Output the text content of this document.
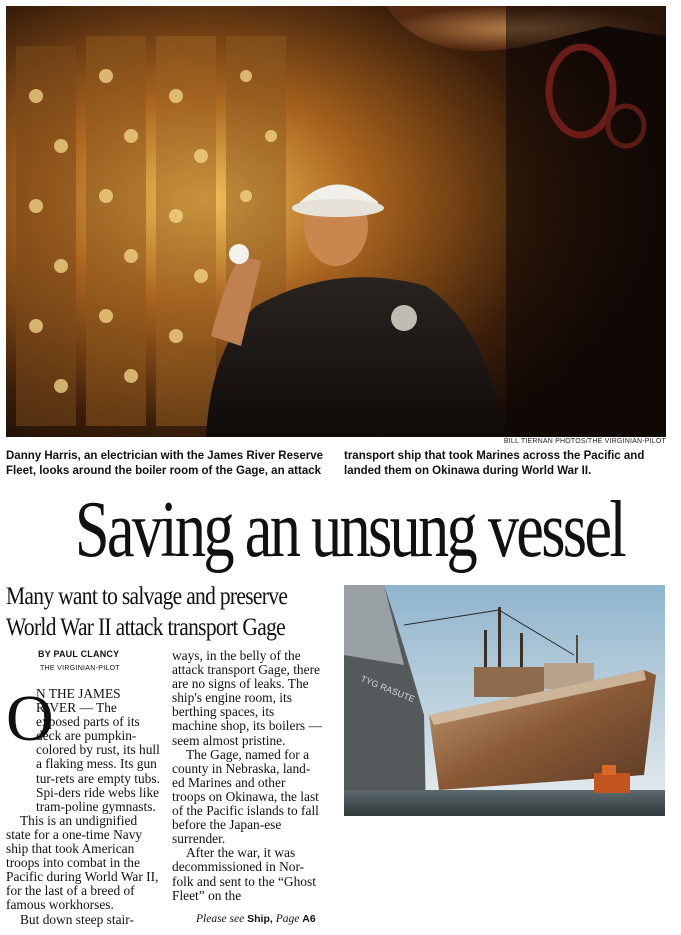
BILL TIERNAN PHOTOS/THE VIRGINIAN-PILOT
Danny Harris, an electrician with the James River Reserve Fleet, looks around the boiler room of the Gage, an attack
transport ship that took Marines across the Pacific and landed them on Okinawa during World War II.
Saving an unsung vessel
Many want to salvage and preserve
World War II attack transport Gage
BY PAUL CLANCY
THE VIRGINIAN-PILOT
O

N THE JAMES RIVER — The exposed parts of its deck are pumpkin-colored by rust, its hull a flaking mess. Its gun tur-rets are empty tubs. Spi-ders ride webs like tram-poline gymnasts.

This is an undignified state for a one-time Navy ship that took American troops into combat in the Pacific during World War II, for the last of a breed of famous workhorses.

But down steep stair-

ways, in the belly of the attack transport Gage, there are no signs of leaks. The ship's engine room, its berthing spaces, its machine shop, its boilers — seem almost pristine.

The Gage, named for a county in Nebraska, land-ed Marines and other troops on Okinawa, the last of the Pacific islands to fall before the Japan-ese surrender.

After the war, it was decommissioned in Nor-folk and sent to the “Ghost Fleet” on the

Please see Ship, Page A6
TYG RASUTE
